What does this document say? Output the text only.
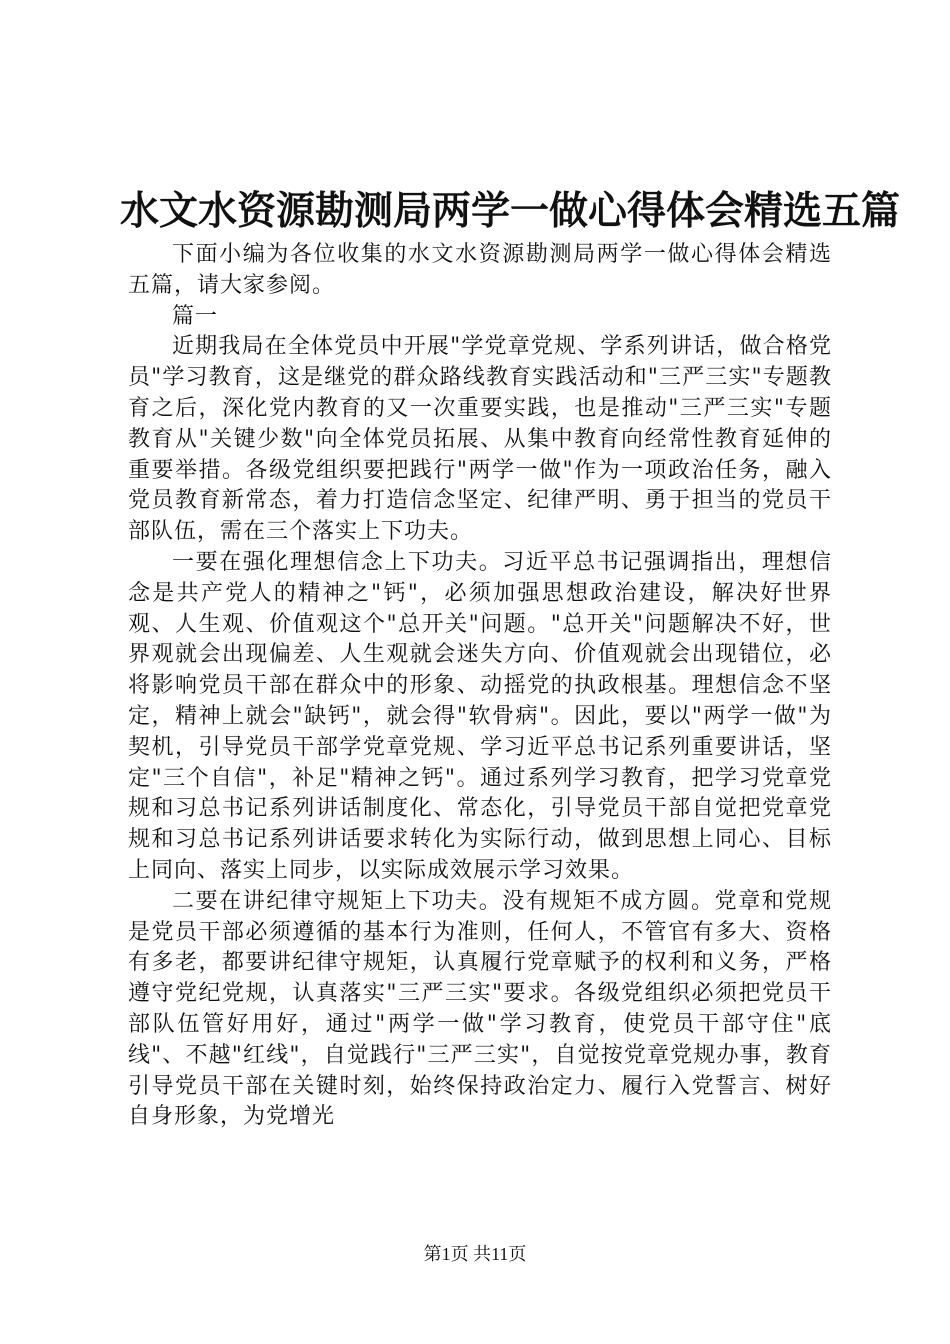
水文水资源勘测局两学一做心得体会精选五篇

下面小编为各位收集的水文水资源勘测局两学一做心得体会精选五篇，请大家参阅。

篇一

近期我局在全体党员中开展"学党章党规、学系列讲话，做合格党员"学习教育，这是继党的群众路线教育实践活动和"三严三实"专题教育之后，深化党内教育的又一次重要实践，也是推动"三严三实"专题教育从"关键少数"向全体党员拓展、从集中教育向经常性教育延伸的重要举措。各级党组织要把践行"两学一做"作为一项政治任务，融入党员教育新常态，着力打造信念坚定、纪律严明、勇于担当的党员干部队伍，需在三个落实上下功夫。

一要在强化理想信念上下功夫。习近平总书记强调指出，理想信念是共产党人的精神之"钙"，必须加强思想政治建设，解决好世界观、人生观、价值观这个"总开关"问题。"总开关"问题解决不好，世界观就会出现偏差、人生观就会迷失方向、价值观就会出现错位，必将影响党员干部在群众中的形象、动摇党的执政根基。理想信念不坚定，精神上就会"缺钙"，就会得"软骨病"。因此，要以"两学一做"为契机，引导党员干部学党章党规、学习近平总书记系列重要讲话，坚定"三个自信"，补足"精神之钙"。通过系列学习教育，把学习党章党规和习总书记系列讲话制度化、常态化，引导党员干部自觉把党章党规和习总书记系列讲话要求转化为实际行动，做到思想上同心、目标上同向、落实上同步，以实际成效展示学习效果。

二要在讲纪律守规矩上下功夫。没有规矩不成方圆。党章和党规是党员干部必须遵循的基本行为准则，任何人，不管官有多大、资格有多老，都要讲纪律守规矩，认真履行党章赋予的权利和义务，严格遵守党纪党规，认真落实"三严三实"要求。各级党组织必须把党员干部队伍管好用好，通过"两学一做"学习教育，使党员干部守住"底线"、不越"红线"，自觉践行"三严三实"，自觉按党章党规办事，教育引导党员干部在关键时刻，始终保持政治定力、履行入党誓言、树好自身形象，为党增光

第1页 共11页
